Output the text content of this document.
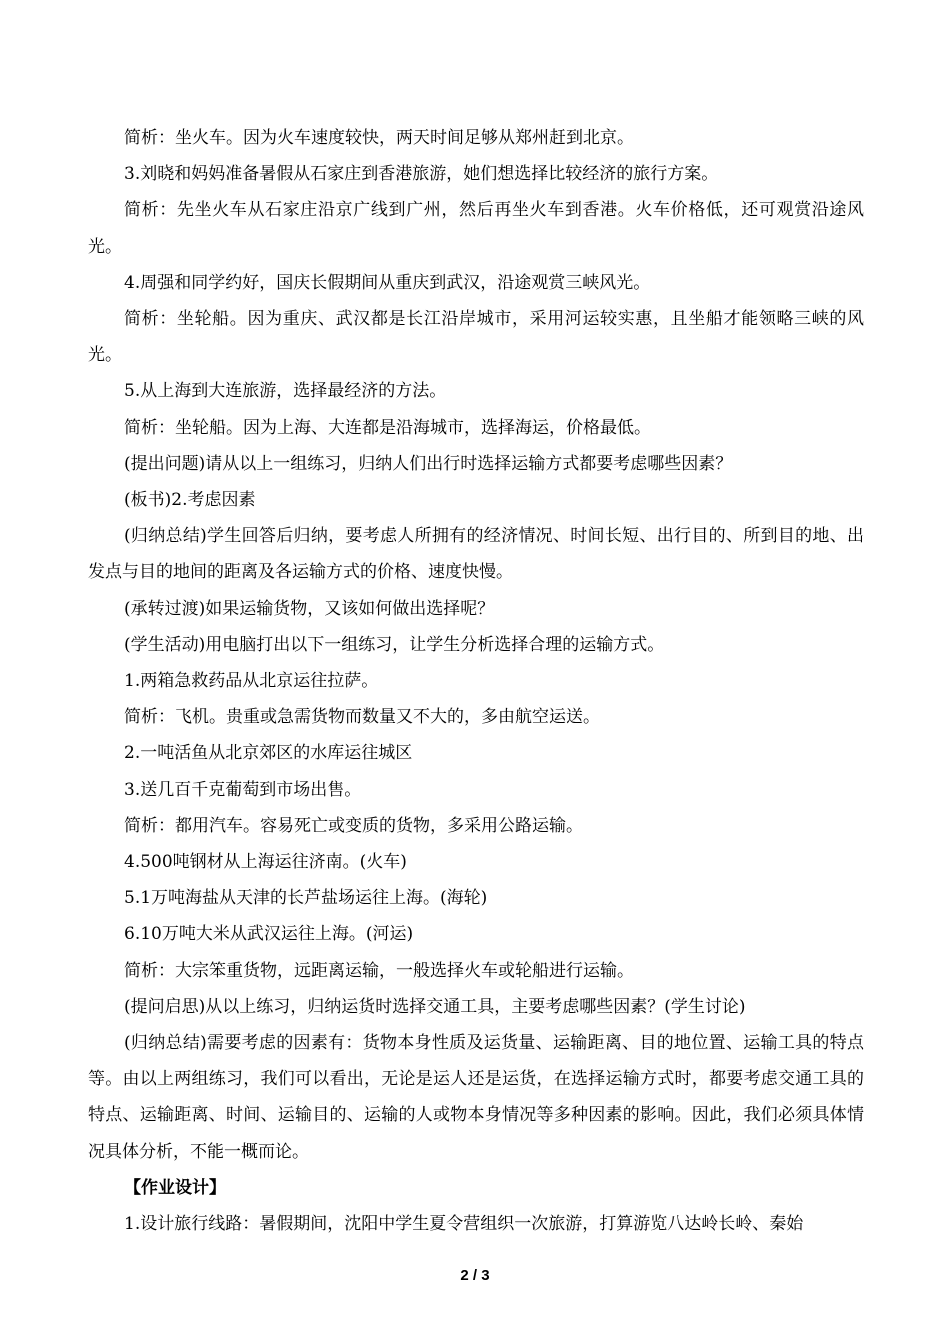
简析：坐火车。因为火车速度较快，两天时间足够从郑州赶到北京。

3.刘晓和妈妈准备暑假从石家庄到香港旅游，她们想选择比较经济的旅行方案。

简析：先坐火车从石家庄沿京广线到广州，然后再坐火车到香港。火车价格低，还可观赏沿途风光。

4.周强和同学约好，国庆长假期间从重庆到武汉，沿途观赏三峡风光。

简析：坐轮船。因为重庆、武汉都是长江沿岸城市，采用河运较实惠，且坐船才能领略三峡的风光。

5.从上海到大连旅游，选择最经济的方法。

简析：坐轮船。因为上海、大连都是沿海城市，选择海运，价格最低。

(提出问题)请从以上一组练习，归纳人们出行时选择运输方式都要考虑哪些因素？

(板书)2.考虑因素

(归纳总结)学生回答后归纳，要考虑人所拥有的经济情况、时间长短、出行目的、所到目的地、出发点与目的地间的距离及各运输方式的价格、速度快慢。

(承转过渡)如果运输货物，又该如何做出选择呢？

(学生活动)用电脑打出以下一组练习，让学生分析选择合理的运输方式。

1.两箱急救药品从北京运往拉萨。

简析：飞机。贵重或急需货物而数量又不大的，多由航空运送。

2.一吨活鱼从北京郊区的水库运往城区

3.送几百千克葡萄到市场出售。

简析：都用汽车。容易死亡或变质的货物，多采用公路运输。

4.500吨钢材从上海运往济南。(火车)

5.1万吨海盐从天津的长芦盐场运往上海。(海轮)

6.10万吨大米从武汉运往上海。(河运)

简析：大宗笨重货物，远距离运输，一般选择火车或轮船进行运输。

(提问启思)从以上练习，归纳运货时选择交通工具，主要考虑哪些因素？(学生讨论)

(归纳总结)需要考虑的因素有：货物本身性质及运货量、运输距离、目的地位置、运输工具的特点等。由以上两组练习，我们可以看出，无论是运人还是运货，在选择运输方式时，都要考虑交通工具的特点、运输距离、时间、运输目的、运输的人或物本身情况等多种因素的影响。因此，我们必须具体情况具体分析，不能一概而论。

【作业设计】

1.设计旅行线路：暑假期间，沈阳中学生夏令营组织一次旅游，打算游览八达岭长岭、秦始

2 / 3
